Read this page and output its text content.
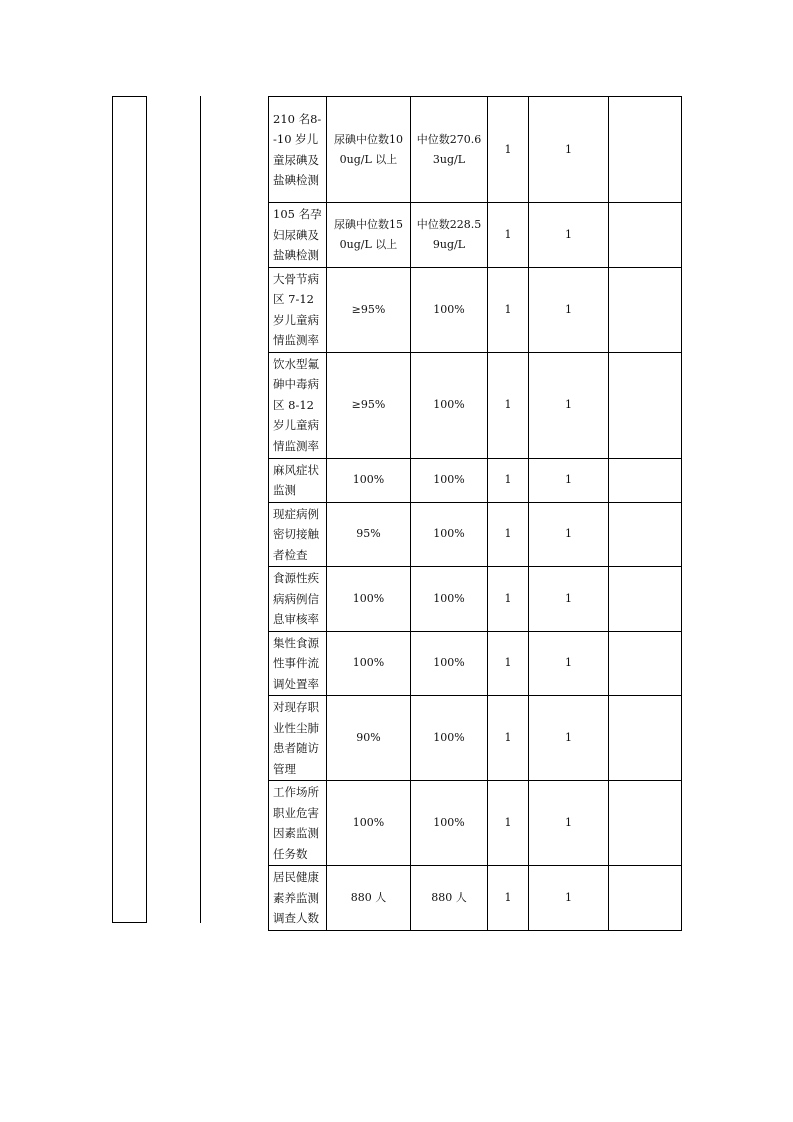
210 名8--10 岁儿童尿碘及盐碘检测	尿碘中位数100ug/L 以上	中位数270.63ug/L	1	1	

105 名孕妇尿碘及盐碘检测	尿碘中位数150ug/L 以上	中位数228.59ug/L	1	1	

大骨节病区 7-12 岁儿童病情监测率	≥95%	100%	1	1	

饮水型氟砷中毒病区 8-12 岁儿童病情监测率	≥95%	100%	1	1	

麻风症状监测	100%	100%	1	1	

现症病例密切接触者检查	95%	100%	1	1	

食源性疾病病例信息审核率	100%	100%	1	1	

集性食源性事件流调处置率	100%	100%	1	1	

对现存职业性尘肺患者随访管理	90%	100%	1	1	

工作场所职业危害因素监测任务数	100%	100%	1	1	

居民健康素养监测调查人数	880 人	880 人	1	1	
